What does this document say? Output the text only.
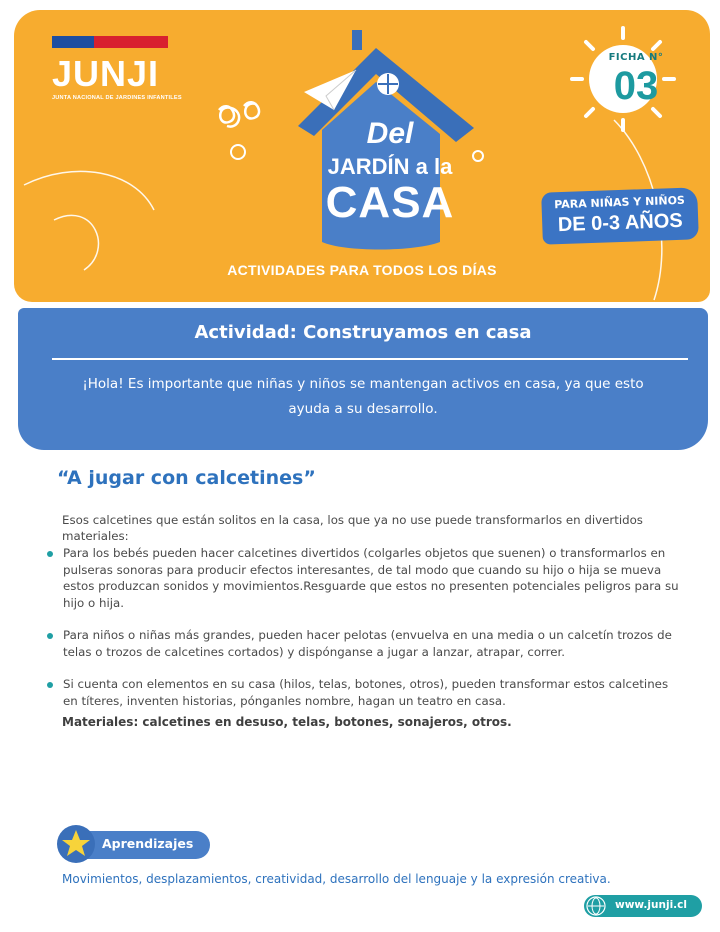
Del
JARDÍN a la
CASA
JUNJI
JUNTA NACIONAL DE JARDINES INFANTILES
FICHA N°
03
ACTIVIDADES PARA TODOS LOS DÍAS
PARA NIÑAS Y NIÑOS
DE 0-3 AÑOS
Actividad: Construyamos en casa
¡Hola! Es importante que niñas y niños se mantengan activos en casa, ya que esto ayuda a su desarrollo.
“A jugar con calcetines”
Esos calcetines que están solitos en la casa, los que ya no use puede transformarlos en divertidos materiales:
Para los bebés pueden hacer calcetines divertidos (colgarles objetos que suenen) o transformarlos en pulseras sonoras para producir efectos interesantes, de tal modo que cuando su hijo o hija se mueva estos produzcan sonidos y movimientos.Resguarde que estos no presenten potenciales peligros para su hijo o hija.
Para niños o niñas más grandes, pueden hacer pelotas (envuelva en una media o un calcetín trozos de telas o trozos de calcetines cortados) y dispónganse a jugar a lanzar, atrapar, correr.
Si cuenta con elementos en su casa (hilos, telas, botones, otros), pueden transformar estos calcetines en títeres, inventen historias, pónganles nombre, hagan un teatro en casa.
Materiales: calcetines en desuso, telas, botones, sonajeros, otros.
Aprendizajes
Movimientos, desplazamientos, creatividad, desarrollo del lenguaje y la expresión creativa.
www.junji.cl
